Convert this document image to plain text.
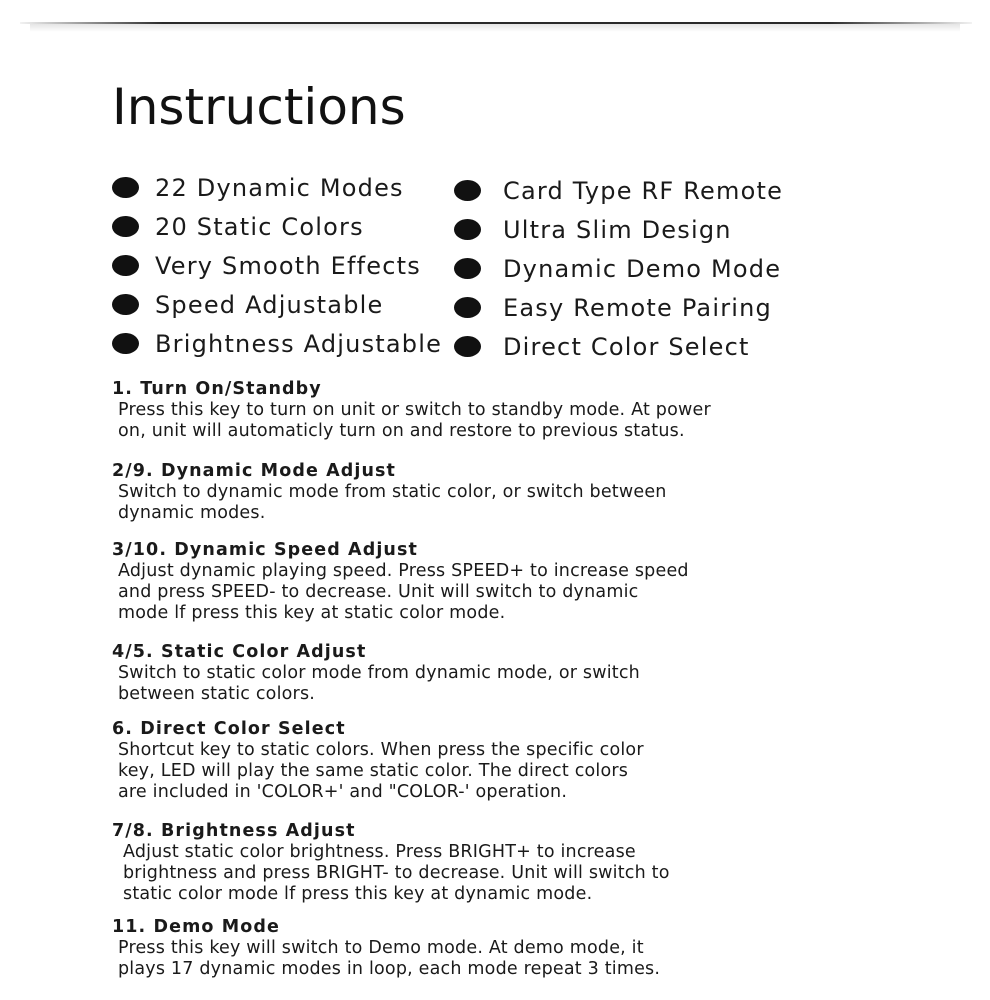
Instructions
22 Dynamic Modes
20 Static Colors
Very Smooth Effects
Speed Adjustable
Brightness Adjustable
Card Type RF Remote
Ultra Slim Design
Dynamic Demo Mode
Easy Remote Pairing
Direct Color Select
1. Turn On/Standby

Press this key to turn on unit or switch to standby mode. At power
on, unit will automaticly turn on and restore to previous status.

2/9. Dynamic Mode Adjust

Switch to dynamic mode from static color, or switch between
dynamic modes.

3/10. Dynamic Speed Adjust

Adjust dynamic playing speed. Press SPEED+ to increase speed
and press SPEED- to decrease. Unit will switch to dynamic
mode lf press this key at static color mode.

4/5. Static Color Adjust

Switch to static color mode from dynamic mode, or switch
between static colors.

6. Direct Color Select

Shortcut key to static colors. When press the specific color
key, LED will play the same static color. The direct colors
are included in 'COLOR+' and "COLOR-' operation.

7/8. Brightness Adjust

Adjust static color brightness. Press BRIGHT+ to increase
brightness and press BRIGHT- to decrease. Unit will switch to
static color mode lf press this key at dynamic mode.

11. Demo Mode

Press this key will switch to Demo mode. At demo mode, it
plays 17 dynamic modes in loop, each mode repeat 3 times.
